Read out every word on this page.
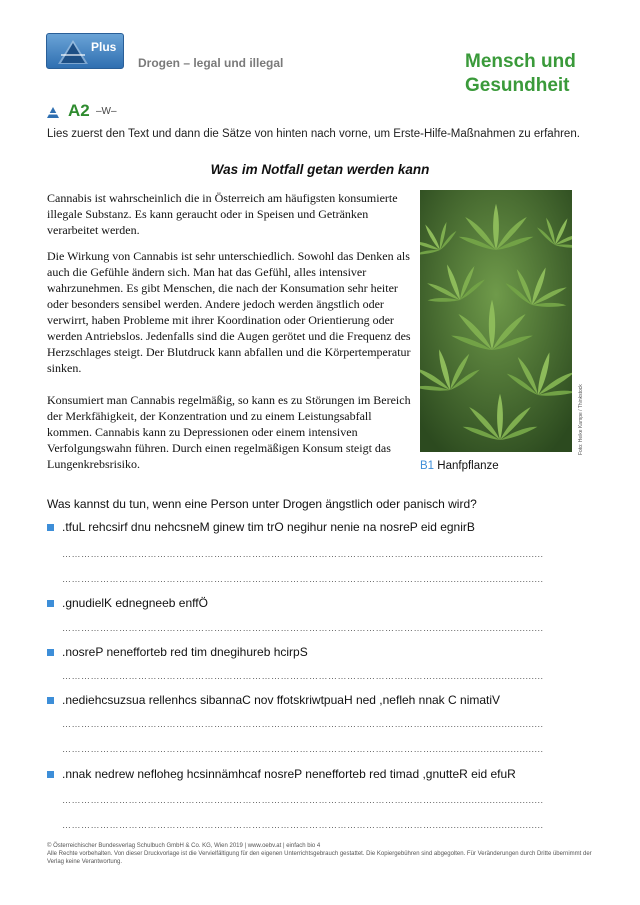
Plus
Drogen – legal und illegal	Mensch und Gesundheit
A2 –W–
Lies zuerst den Text und dann die Sätze von hinten nach vorne, um Erste-Hilfe-Maßnahmen zu erfahren.
Was im Notfall getan werden kann
Cannabis ist wahrscheinlich die in Österreich am häufigsten konsumierte illegale Substanz. Es kann geraucht oder in Speisen und Getränken verarbeitet werden.
Die Wirkung von Cannabis ist sehr unterschiedlich. Sowohl das Denken als auch die Gefühle ändern sich. Man hat das Gefühl, alles intensiver wahrzunehmen. Es gibt Menschen, die nach der Konsumation sehr heiter oder besonders sensibel werden. Andere jedoch werden ängstlich oder verwirrt, haben Probleme mit ihrer Koordination oder Orientierung oder werden Antriebslos. Jedenfalls sind die Augen gerötet und die Frequenz des Herzschlages steigt. Der Blutdruck kann abfallen und die Körpertemperatur sinken.
Konsumiert man Cannabis regelmäßig, so kann es zu Störungen im Bereich der Merkfähigkeit, der Konzentration und zu einem Leistungsabfall kommen. Cannabis kann zu Depressionen oder einem intensiven Verfolgungswahn führen. Durch einen regelmäßigen Konsum steigt das Lungenkrebsrisiko.
Foto: Heike Kampe / Thinkstock
B1 Hanfpflanze
Was kannst du tun, wenn eine Person unter Drogen ängstlich oder panisch wird?
.tfuL rehcsirf dnu nehcsneM ginew tim trO negihur nenie na nosreP eid egnirB
……………………………………………………………………………………………………….....................................
……………………………………………………………………………………………………….....................................
.gnudielK ednegneeb enffÖ
……………………………………………………………………………………………………….....................................
.nosreP nenefforteb red tim dnegihureb hcirpS
……………………………………………………………………………………………………….....................................
.nediehcsuzsua rellenhcs sibannaC nov ffotskriwtpuaH ned ,nefleh nnak C nimatiV
……………………………………………………………………………………………………….....................................
……………………………………………………………………………………………………….....................................
.nnak nedrew nefloheg hcsinnämhcaf nosreP nenefforteb red timad ,gnutteR eid efuR
……………………………………………………………………………………………………….....................................
……………………………………………………………………………………………………….....................................
© Österreichischer Bundesverlag Schulbuch GmbH & Co. KG, Wien 2019 | www.oebv.at | einfach bio 4
Alle Rechte vorbehalten. Von dieser Druckvorlage ist die Vervielfältigung für den eigenen Unterrichtsgebrauch gestattet. Die Kopiergebühren sind abgegolten. Für Veränderungen durch Dritte übernimmt der Verlag keine Verantwortung.
